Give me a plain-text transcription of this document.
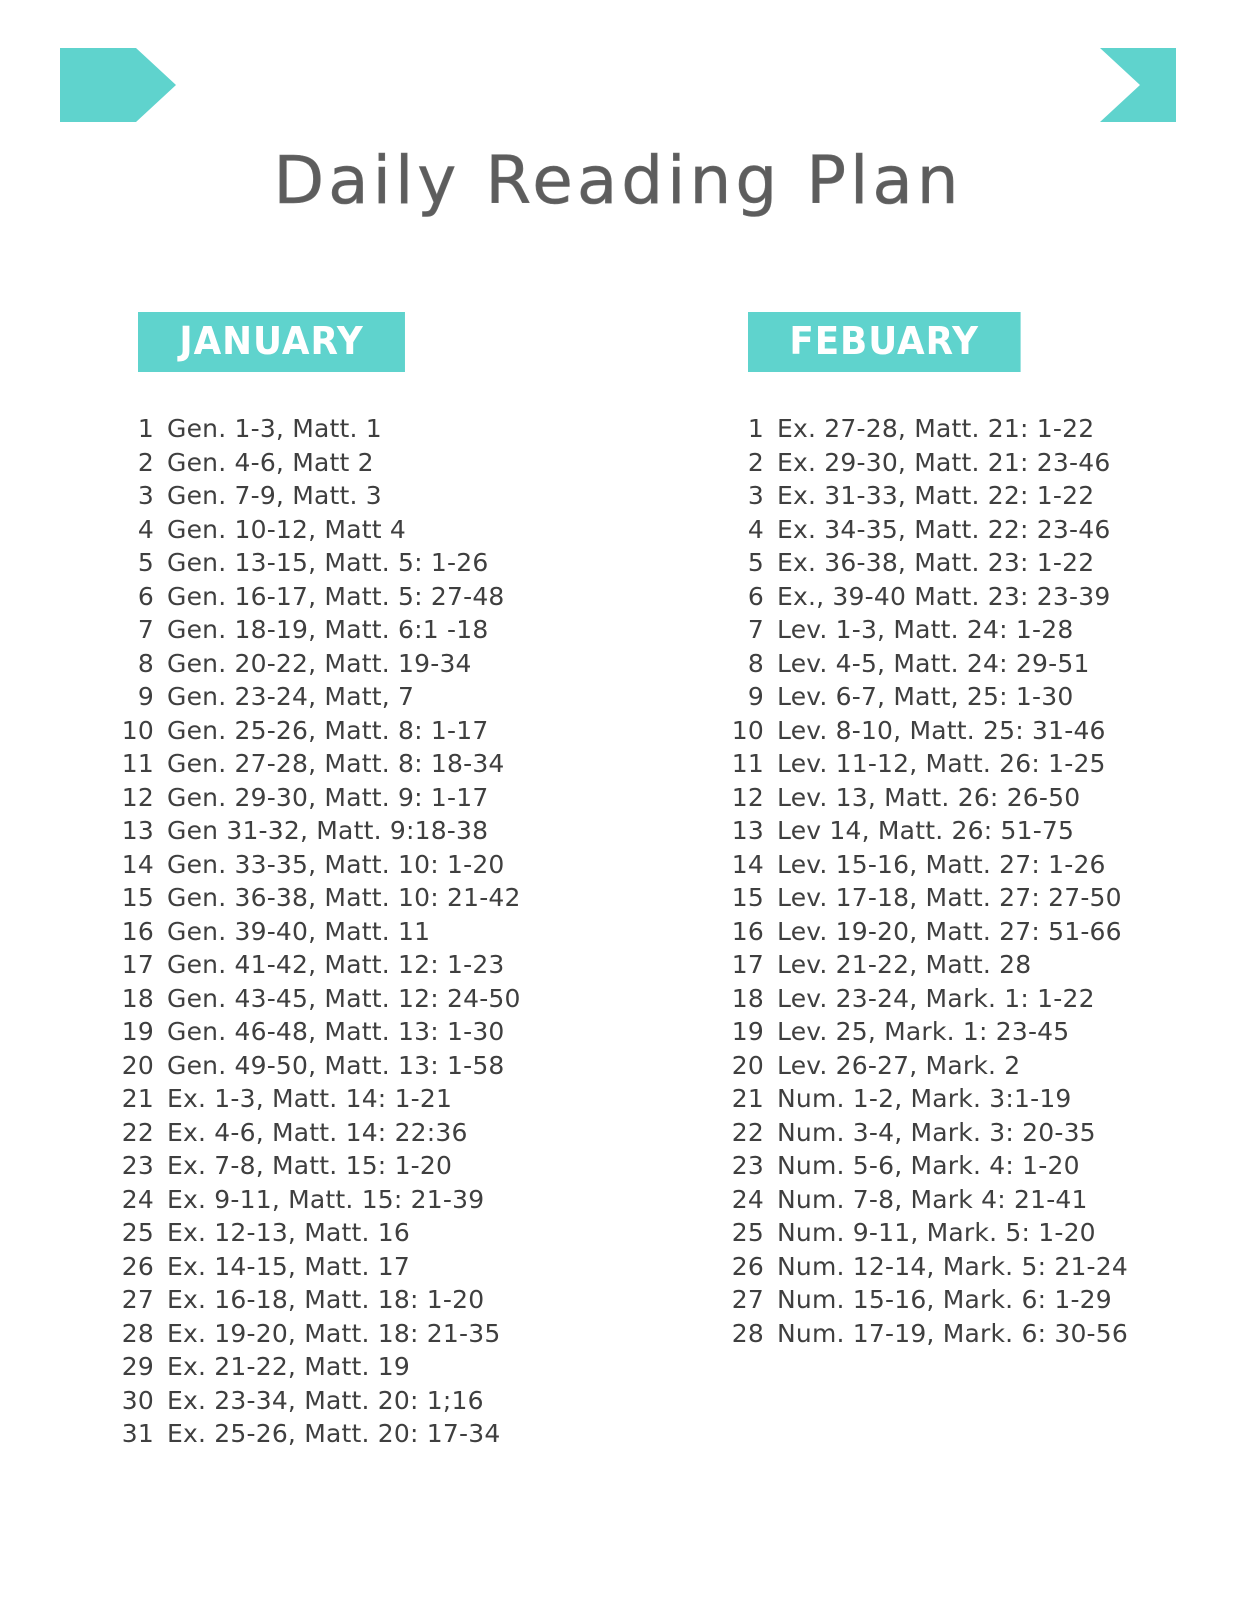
READ THE BIBLE IN A YEAR
Daily Reading Plan
JANUARY
1 Gen. 1-3, Matt. 1
2 Gen. 4-6, Matt 2
3 Gen. 7-9, Matt. 3
4 Gen. 10-12, Matt 4
5 Gen. 13-15, Matt. 5: 1-26
6 Gen. 16-17, Matt. 5: 27-48
7 Gen. 18-19, Matt. 6:1 -18
8 Gen. 20-22, Matt. 19-34
9 Gen. 23-24, Matt, 7
10 Gen. 25-26, Matt. 8: 1-17
11 Gen. 27-28, Matt. 8: 18-34
12 Gen. 29-30, Matt. 9: 1-17
13 Gen 31-32, Matt. 9:18-38
14 Gen. 33-35, Matt. 10: 1-20
15 Gen. 36-38, Matt. 10: 21-42
16 Gen. 39-40, Matt. 11
17 Gen. 41-42, Matt. 12: 1-23
18 Gen. 43-45, Matt. 12: 24-50
19 Gen. 46-48, Matt. 13: 1-30
20 Gen. 49-50, Matt. 13: 1-58
21 Ex. 1-3, Matt. 14: 1-21
22 Ex. 4-6, Matt. 14: 22:36
23 Ex. 7-8, Matt. 15: 1-20
24 Ex. 9-11, Matt. 15: 21-39
25 Ex. 12-13, Matt. 16
26 Ex. 14-15, Matt. 17
27 Ex. 16-18, Matt. 18: 1-20
28 Ex. 19-20, Matt. 18: 21-35
29 Ex. 21-22, Matt. 19
30 Ex. 23-34, Matt. 20: 1;16
31 Ex. 25-26, Matt. 20: 17-34
FEBUARY
1 Ex. 27-28, Matt. 21: 1-22
2 Ex. 29-30, Matt. 21: 23-46
3 Ex. 31-33, Matt. 22: 1-22
4 Ex. 34-35, Matt. 22: 23-46
5 Ex. 36-38, Matt. 23: 1-22
6 Ex., 39-40 Matt. 23: 23-39
7 Lev. 1-3, Matt. 24: 1-28
8 Lev. 4-5, Matt. 24: 29-51
9 Lev. 6-7, Matt, 25: 1-30
10 Lev. 8-10, Matt. 25: 31-46
11 Lev. 11-12, Matt. 26: 1-25
12 Lev. 13, Matt. 26: 26-50
13 Lev 14, Matt. 26: 51-75
14 Lev. 15-16, Matt. 27: 1-26
15 Lev. 17-18, Matt. 27: 27-50
16 Lev. 19-20, Matt. 27: 51-66
17 Lev. 21-22, Matt. 28
18 Lev. 23-24, Mark. 1: 1-22
19 Lev. 25, Mark. 1: 23-45
20 Lev. 26-27, Mark. 2
21 Num. 1-2, Mark. 3:1-19
22 Num. 3-4, Mark. 3: 20-35
23 Num. 5-6, Mark. 4: 1-20
24 Num. 7-8, Mark 4: 21-41
25 Num. 9-11, Mark. 5: 1-20
26 Num. 12-14, Mark. 5: 21-24
27 Num. 15-16, Mark. 6: 1-29
28 Num. 17-19, Mark. 6: 30-56
